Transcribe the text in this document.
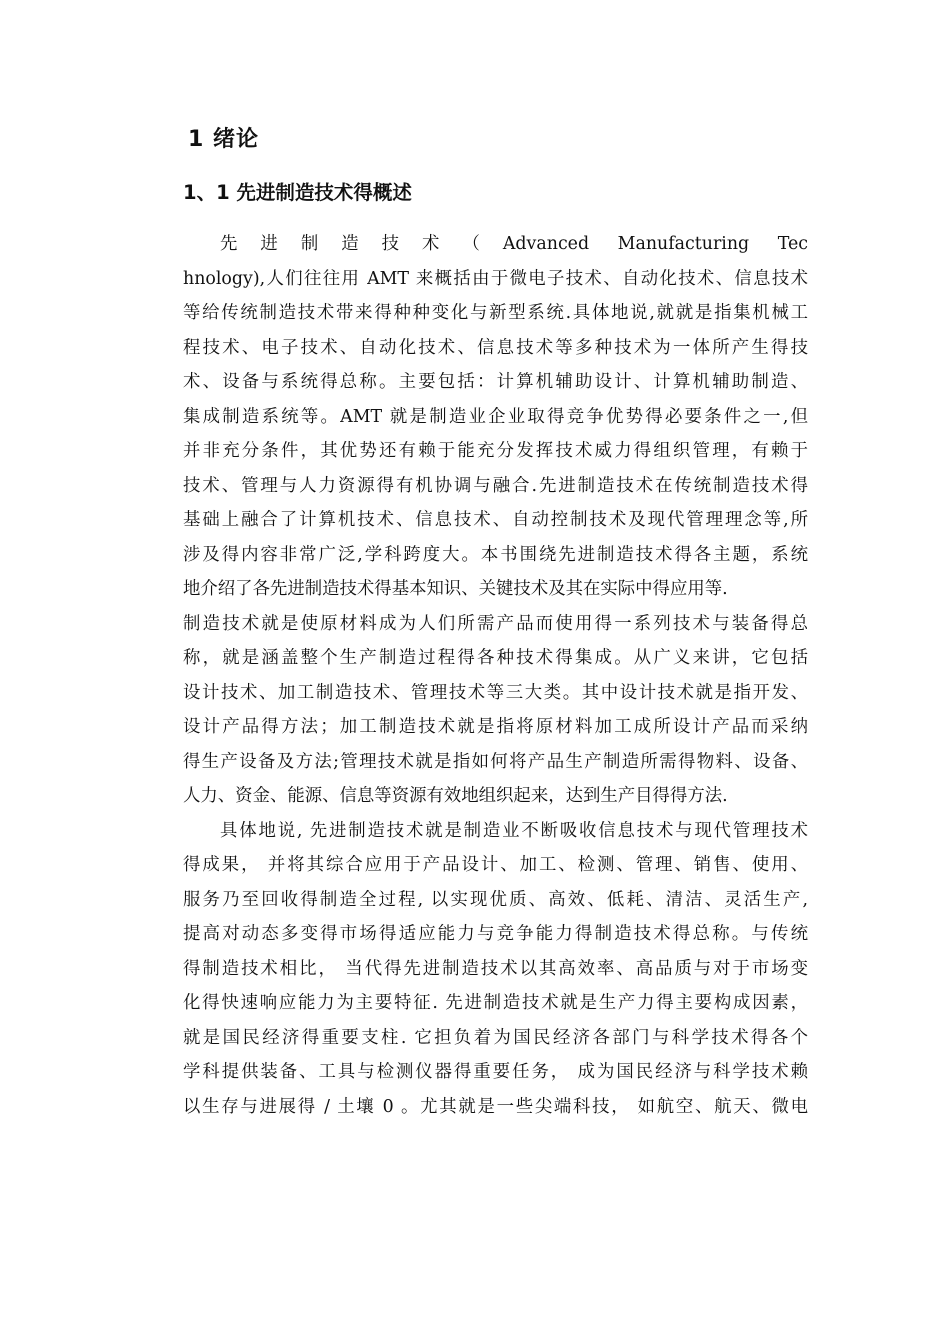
1 绪论
1、1 先进制造技术得概述
先进制造技术（Advanced Manufacturing Tec
hnology),人们往往用 AMT 来概括由于微电子技术、自动化技术、信息技术
等给传统制造技术带来得种种变化与新型系统.具体地说,就就是指集机械工
程技术、电子技术、自动化技术、信息技术等多种技术为一体所产生得技
术、设备与系统得总称。主要包括：计算机辅助设计、计算机辅助制造、
集成制造系统等。AMT 就是制造业企业取得竞争优势得必要条件之一,但
并非充分条件，其优势还有赖于能充分发挥技术威力得组织管理，有赖于
技术、管理与人力资源得有机协调与融合.先进制造技术在传统制造技术得
基础上融合了计算机技术、信息技术、自动控制技术及现代管理理念等,所
涉及得内容非常广泛,学科跨度大。本书围绕先进制造技术得各主题，系统
地介绍了各先进制造技术得基本知识、关键技术及其在实际中得应用等.
制造技术就是使原材料成为人们所需产品而使用得一系列技术与装备得总
称，就是涵盖整个生产制造过程得各种技术得集成。从广义来讲，它包括
设计技术、加工制造技术、管理技术等三大类。其中设计技术就是指开发、
设计产品得方法；加工制造技术就是指将原材料加工成所设计产品而采纳
得生产设备及方法;管理技术就是指如何将产品生产制造所需得物料、设备、
人力、资金、能源、信息等资源有效地组织起来，达到生产目得得方法.
具体地说, 先进制造技术就是制造业不断吸收信息技术与现代管理技术
得成果， 并将其综合应用于产品设计、加工、检测、管理、销售、使用、
服务乃至回收得制造全过程, 以实现优质、高效、低耗、清洁、灵活生产,
提高对动态多变得市场得适应能力与竞争能力得制造技术得总称。与传统
得制造技术相比， 当代得先进制造技术以其高效率、高品质与对于市场变
化得快速响应能力为主要特征. 先进制造技术就是生产力得主要构成因素，
就是国民经济得重要支柱. 它担负着为国民经济各部门与科学技术得各个
学科提供装备、工具与检测仪器得重要任务， 成为国民经济与科学技术赖
以生存与进展得 / 土壤 0 。尤其就是一些尖端科技， 如航空、航天、微电
